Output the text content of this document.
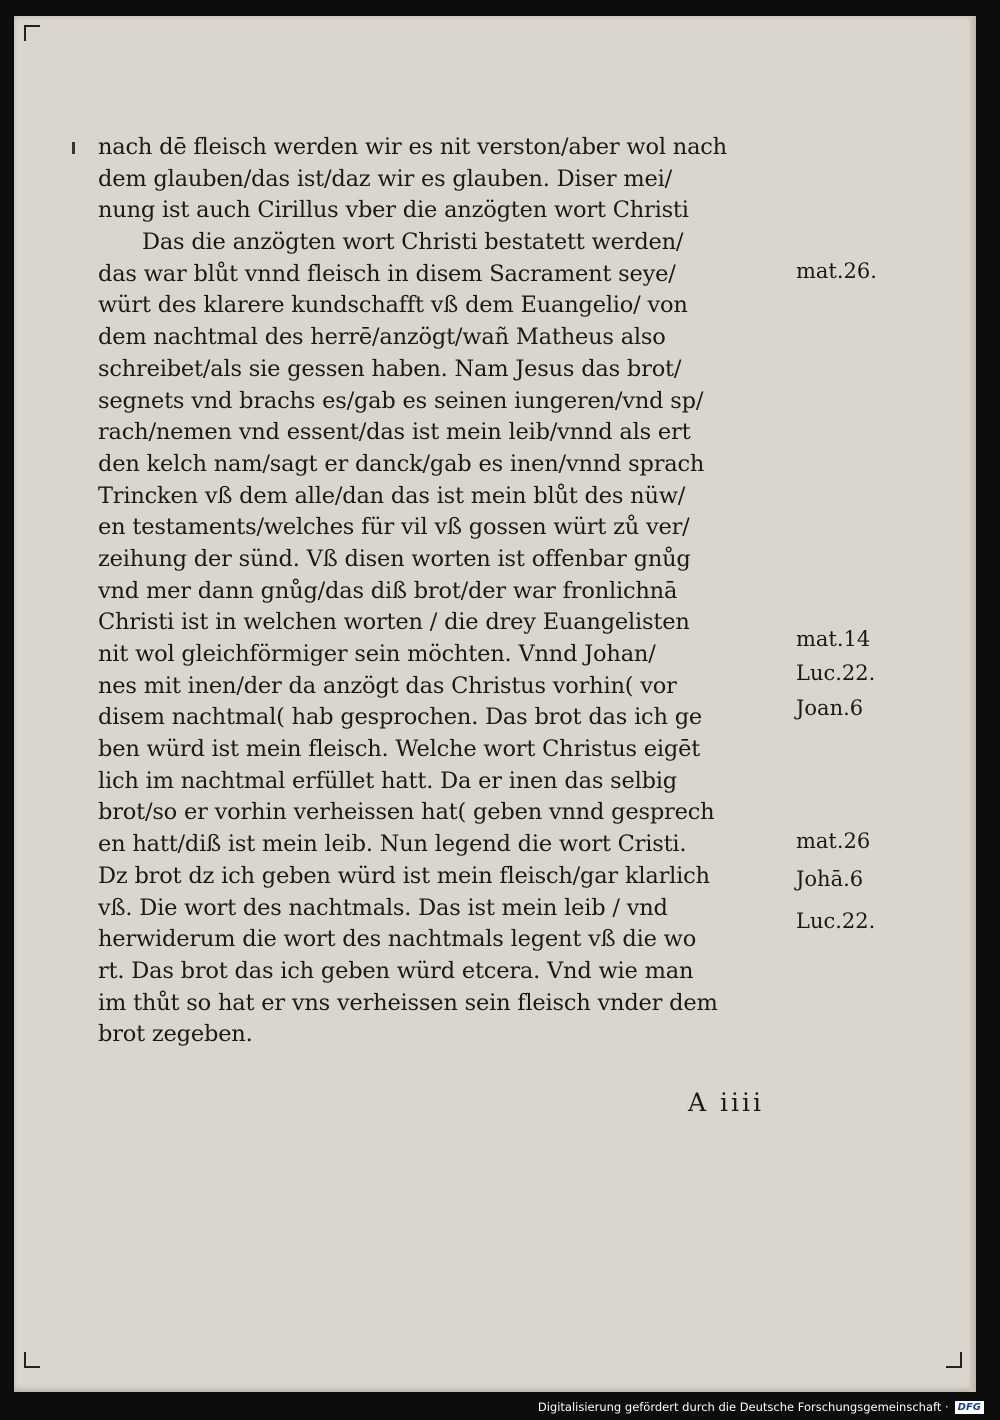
nach dē fleisch werden wir es nit verston/aber wol nach
dem glauben/das ist/daz wir es glauben. Diser mei/
nung ist auch Cirillus vber die anzögten wort Christi
Das die anzögten wort Christi bestatett werden/
das war blůt vnnd fleisch in disem Sacrament seye/
würt des klarere kundschafft vß dem Euangelio/ von
dem nachtmal des herrē/anzögt/wañ Matheus also
schreibet/als sie gessen haben. Nam Jesus das brot/
segnets vnd brachs es/gab es seinen iungeren/vnd sp/
rach/nemen vnd essent/das ist mein leib/vnnd als ert
den kelch nam/sagt er danck/gab es inen/vnnd sprach
Trincken vß dem alle/dan das ist mein blůt des nüw/
en testaments/welches für vil vß gossen würt zů ver/
zeihung der sünd. Vß disen worten ist offenbar gnůg
vnd mer dann gnůg/das diß brot/der war fronlichnā
Christi ist in welchen worten / die drey Euangelisten
nit wol gleichförmiger sein möchten. Vnnd Johan/
nes mit inen/der da anzögt das Christus vorhin( vor
disem nachtmal( hab gesprochen. Das brot das ich ge
ben würd ist mein fleisch. Welche wort Christus eigēt
lich im nachtmal erfüllet hatt. Da er inen das selbig
brot/so er vorhin verheissen hat( geben vnnd gesprech
en hatt/diß ist mein leib. Nun legend die wort Cristi.
Dz brot dz ich geben würd ist mein fleisch/gar klarlich
vß. Die wort des nachtmals. Das ist mein leib / vnd
herwiderum die wort des nachtmals legent vß die wo
rt. Das brot das ich geben würd etcera. Vnd wie man
im thůt so hat er vns verheissen sein fleisch vnder dem
brot zegeben.
mat.26.
mat.14
Luc.22.
Joan.6
mat.26
Johā.6
Luc.22.
A iiii
Digitalisierung gefördert durch die Deutsche Forschungsgemeinschaft · DFG
